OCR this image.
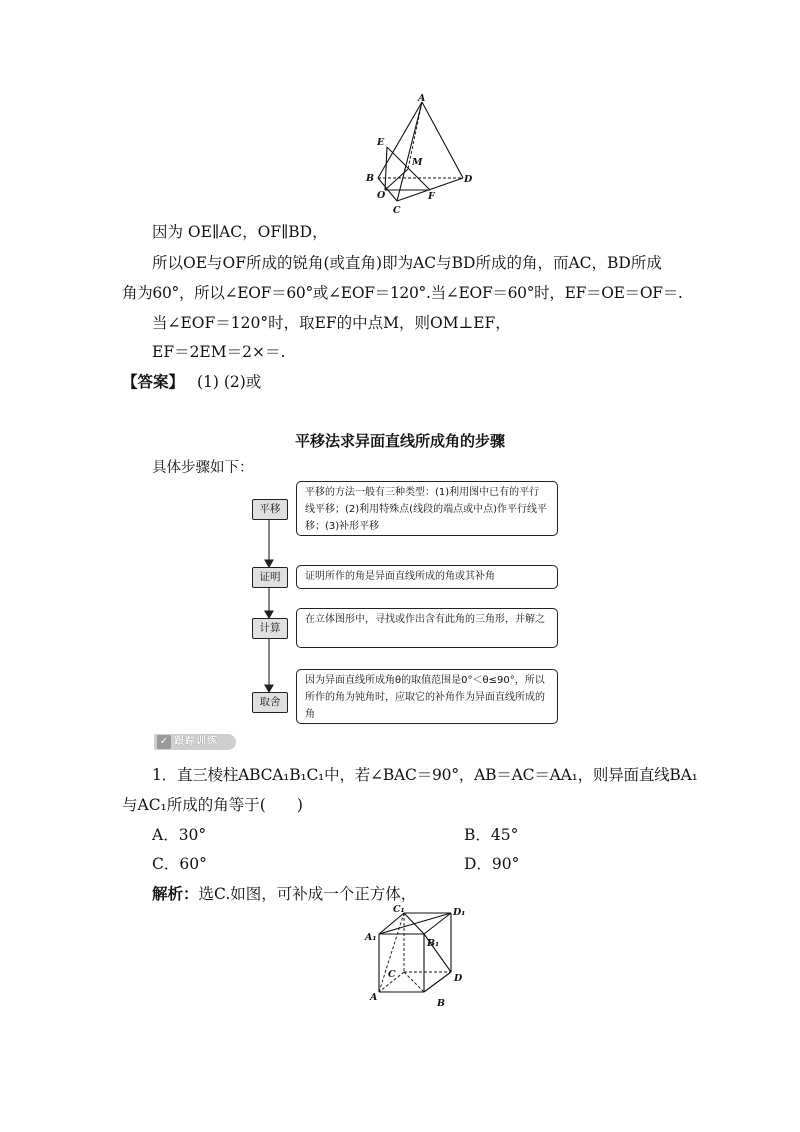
A
E
M
B	D
O	F
C
因为 OE∥AC，OF∥BD，
所以OE与OF所成的锐角(或直角)即为AC与BD所成的角，而AC，BD所成
角为60°，所以∠EOF＝60°或∠EOF＝120°.当∠EOF＝60°时，EF＝OE＝OF＝.
当∠EOF＝120°时，取EF的中点M，则OM⊥EF，
EF＝2EM＝2×＝.
【答案】 (1) (2)或
平移法求异面直线所成角的步骤
具体步骤如下：
平移
平移的方法一般有三种类型：(1)利用图中已有的平行线平移；(2)利用特殊点(线段的端点或中点)作平行线平移；(3)补形平移
证明	证明所作的角是异面直线所成的角或其补角
计算
在立体图形中，寻找或作出含有此角的三角形，并解之
取舍
因为异面直线所成角θ的取值范围是0°＜θ≤90°，所以所作的角为钝角时，应取它的补角作为异面直线所成的角
✓ 跟踪训练
1．直三棱柱ABCA₁B₁C₁中，若∠BAC＝90°，AB＝AC＝AA₁，则异面直线BA₁
与AC₁所成的角等于(　　)
A．30°	B．45°
C．60°	D．90°
解析：选C.如图，可补成一个正方体，
C₁	D₁
A₁
B₁
C	D
A
B
